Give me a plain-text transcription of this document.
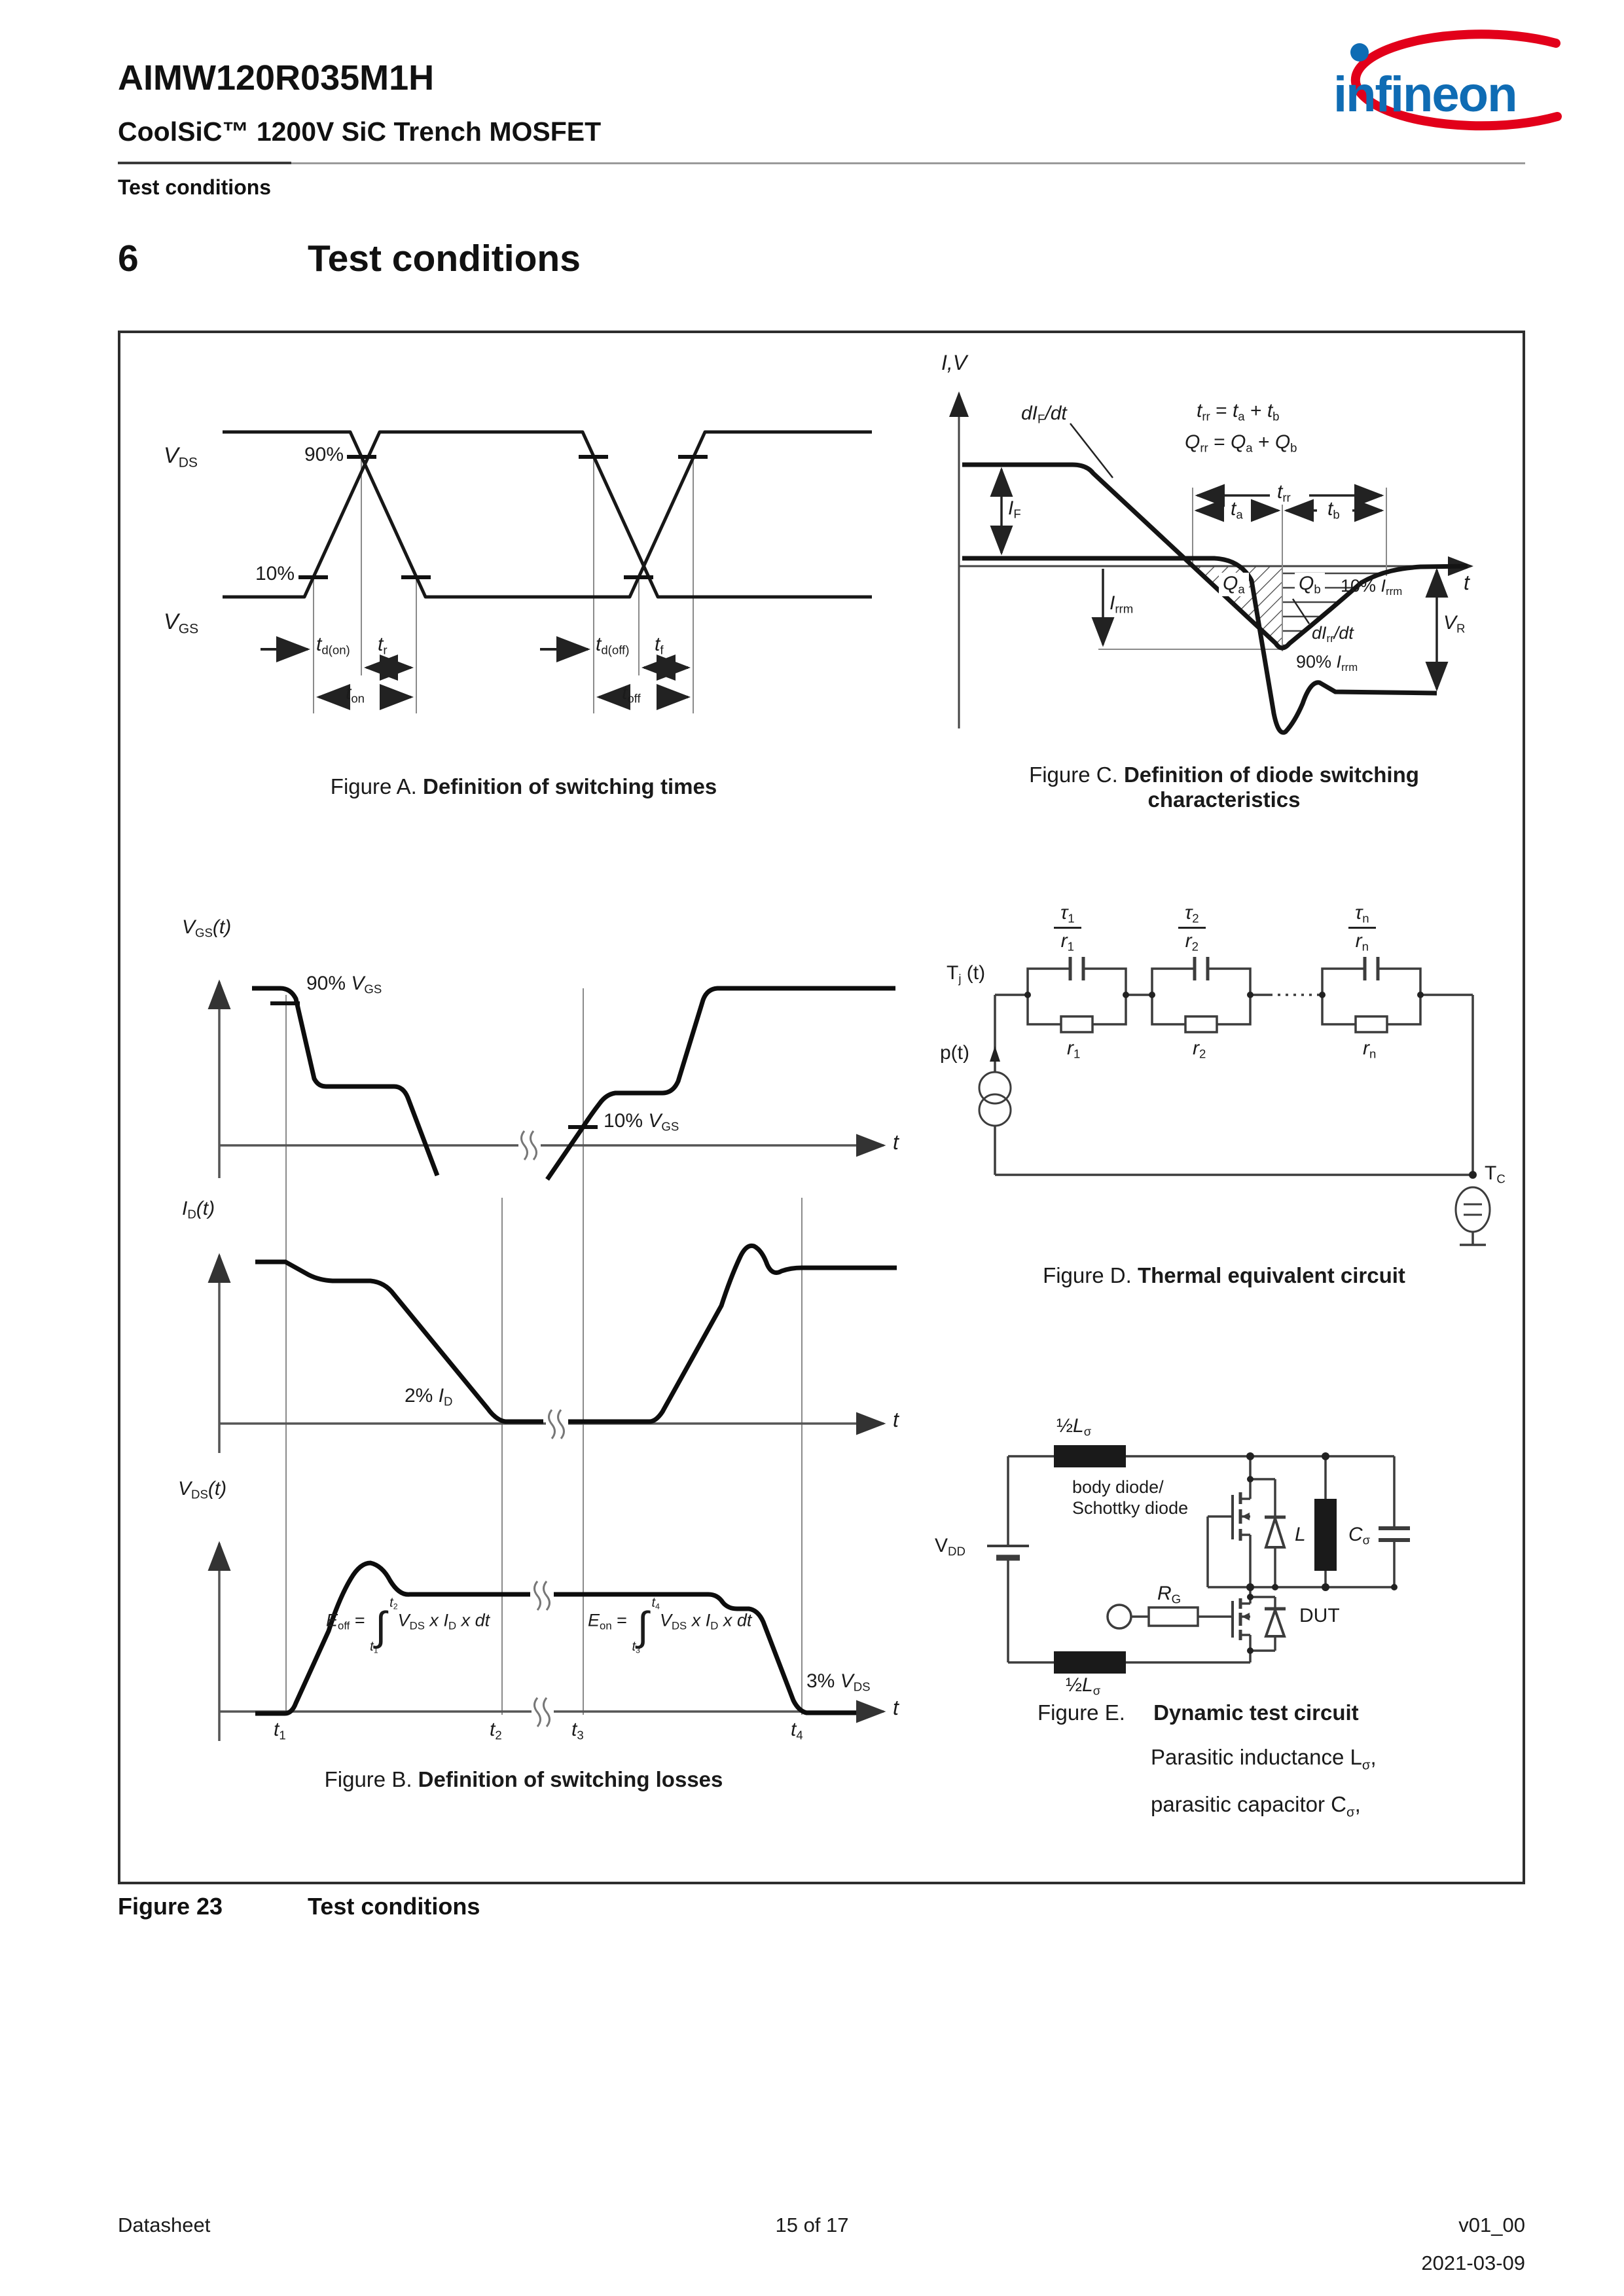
AIMW120R035M1H
CoolSiC™ 1200V SiC Trench MOSFET
Test conditions
infineon
6	Test conditions
$V_{DS}$
$V_{GS}$
90%
10%
$t_{d(on)}$ $t_r$
$t_{on}$
$t_{d(off)}$ $t_f$
$t_{off}$
Figure A. Definition of switching times
I,V
t
$dI_F/dt$	$t_{rr} = t_a + t_b$
$Q_{rr} = Q_a + Q_b$
$I_F$
$t_{rr}$
$t_a$	$t_b$
$Q_a$	$Q_b$
$I_{rrm}$
10% $I_{rrm}$
$dI_{rr}/dt$
90% $I_{rrm}$
$V_R$
Figure C. Definition of diode switching characteristics
$V_{GS}(t)$
90% $V_{GS}$
10% $V_{GS}$
t
$I_D(t)$
2% $I_D$
t
$V_{DS}(t)$
$E_{off}$ =
$t_2$
∫
$t_1$
$V_{DS}$ x $I_D$ x dt	$E_{on}$ =
$t_4$
∫
$t_3$
$V_{DS}$ x $I_D$ x dt
3% $V_{DS}$
t
$t_1$	$t_2$	$t_3$	$t_4$
Figure B. Definition of switching losses
$\frac{\tau_1}{r_1}$	$\frac{\tau_2}{r_2}$	$\frac{\tau_n}{r_n}$
$r_1$	$r_2$	$r_n$
$T_j$ (t)
p(t)
$T_C$
Figure D. Thermal equivalent circuit
$\frac{1}{2}L_\sigma$
$\frac{1}{2}L_\sigma$
body diode/
Schottky diode
$V_{DD}$
$R_G$
DUT
L $C_\sigma$
Figure E. Dynamic test circuit
Parasitic inductance $L_\sigma$,
parasitic capacitor $C_\sigma$,
Figure 23	Test conditions
Datasheet	15 of 17	v01_00
2021-03-09
